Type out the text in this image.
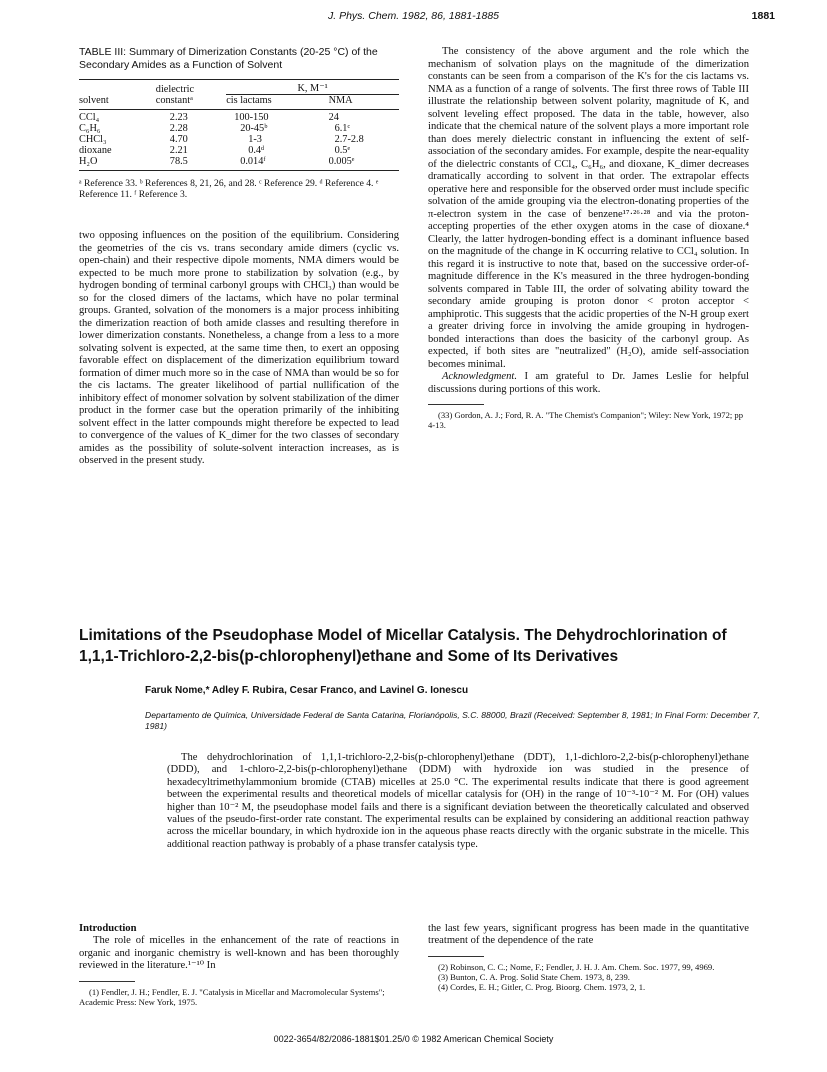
J. Phys. Chem. 1982, 86, 1881-1885	1881
TABLE III: Summary of Dimerization Constants (20-25 °C) of the Secondary Amides as a Function of Solvent
	dielectric	K, M⁻¹	
solvent	constantᵃ	cis lactams	NMA
CCl₄	2.23	100-150	24
C₆H₆	2.28	20-45ᵇ	6.1ᶜ
CHCl₃	4.70	1-3	2.7-2.8
dioxane	2.21	0.4ᵈ	0.5ᵉ
H₂O	78.5	0.014ᶠ	0.005ᵉ
ᵃ Reference 33. ᵇ References 8, 21, 26, and 28. ᶜ Reference 29. ᵈ Reference 4. ᵉ Reference 11. ᶠ Reference 3.

two opposing influences on the position of the equilibrium. Considering the geometries of the cis vs. trans secondary amide dimers (cyclic vs. open-chain) and their respective dipole moments, NMA dimers would be expected to be much more prone to stabilization by solvation (e.g., by hydrogen bonding of terminal carbonyl groups with CHCl₃) than would be so for the closed dimers of the lactams, which have no polar terminal groups. Granted, solvation of the monomers is a major process inhibiting the dimerization reaction of both amide classes and resulting therefore in lower dimerization constants. Nonetheless, a change from a less to a more solvating solvent is expected, at the same time then, to exert an opposing favorable effect on displacement of the dimerization equilibrium toward formation of dimer much more so in the case of NMA than would be so for the cis lactams. The greater likelihood of partial nullification of the inhibitory effect of monomer solvation by solvent stabilization of the dimer product in the former case but the operation primarily of the inhibiting solvent effect in the latter compounds might therefore be expected to lead to convergence of the values of K_dimer for the two classes of secondary amides as the possibility of solute-solvent interaction increases, as is observed in the present study.

The consistency of the above argument and the role which the mechanism of solvation plays on the magnitude of the dimerization constants can be seen from a comparison of the K's for the cis lactams vs. NMA as a function of a range of solvents. The first three rows of Table III illustrate the relationship between solvent polarity, magnitude of K, and solvent leveling effect proposed. The data in the table, however, also indicate that the chemical nature of the solvent plays a more important role than does merely dielectric constant in influencing the extent of self-association of the secondary amides. For example, despite the near-equality of the dielectric constants of CCl₄, C₆H₆, and dioxane, K_dimer decreases dramatically according to solvent in that order. The extrapolar effects operative here and responsible for the observed order must include specific solvation of the amide grouping via the electron-donating properties of the π-electron system in the case of benzene¹⁷·²⁶·²⁸ and via the proton-accepting properties of the ether oxygen atoms in the case of dioxane.⁴ Clearly, the latter hydrogen-bonding effect is a dominant influence based on the magnitude of the change in K occurring relative to CCl₄ solution. In this regard it is instructive to note that, based on the successive order-of-magnitude difference in the K's measured in the three hydrogen-bonding solvents compared in Table III, the order of solvating ability toward the secondary amide grouping is proton donor < proton acceptor < amphiprotic. This suggests that the acidic properties of the N-H group exert a greater driving force in involving the amide grouping in hydrogen-bonded interactions than does the basicity of the carbonyl group. As expected, if both sites are "neutralized" (H₂O), amide self-association becomes minimal.

Acknowledgment. I am grateful to Dr. James Leslie for helpful discussions during portions of this work.

(33) Gordon, A. J.; Ford, R. A. "The Chemist's Companion"; Wiley: New York, 1972; pp 4-13.
Limitations of the Pseudophase Model of Micellar Catalysis. The Dehydrochlorination of 1,1,1-Trichloro-2,2-bis(p-chlorophenyl)ethane and Some of Its Derivatives
Faruk Nome,* Adley F. Rubira, Cesar Franco, and Lavinel G. Ionescu
Departamento de Química, Universidade Federal de Santa Catarina, Florianópolis, S.C. 88000, Brazil (Received: September 8, 1981; In Final Form: December 7, 1981)

The dehydrochlorination of 1,1,1-trichloro-2,2-bis(p-chlorophenyl)ethane (DDT), 1,1-dichloro-2,2-bis(p-chlorophenyl)ethane (DDD), and 1-chloro-2,2-bis(p-chlorophenyl)ethane (DDM) with hydroxide ion was studied in the presence of hexadecyltrimethylammonium bromide (CTAB) micelles at 25.0 °C. The experimental results indicate that there is good agreement between the experimental results and theoretical models of micellar catalysis for (OH) in the range of 10⁻³-10⁻² M. For (OH) values higher than 10⁻² M, the pseudophase model fails and there is a significant deviation between the theoretically calculated and observed values of the pseudo-first-order rate constant. The experimental results can be explained by considering an additional reaction pathway across the micellar boundary, in which hydroxide ion in the aqueous phase reacts directly with the organic substrate in the micelle. This additional reaction pathway is probably of a phase transfer catalysis type.

Introduction

The role of micelles in the enhancement of the rate of reactions in organic and inorganic chemistry is well-known and has been thoroughly reviewed in the literature.¹⁻¹⁰ In

(1) Fendler, J. H.; Fendler, E. J. "Catalysis in Micellar and Macromolecular Systems"; Academic Press: New York, 1975.

the last few years, significant progress has been made in the quantitative treatment of the dependence of the rate

(2) Robinson, C. C.; Nome, F.; Fendler, J. H. J. Am. Chem. Soc. 1977, 99, 4969.
(3) Bunton, C. A. Prog. Solid State Chem. 1973, 8, 239.
(4) Cordes, E. H.; Gitler, C. Prog. Bioorg. Chem. 1973, 2, 1.
0022-3654/82/2086-1881$01.25/0 © 1982 American Chemical Society
